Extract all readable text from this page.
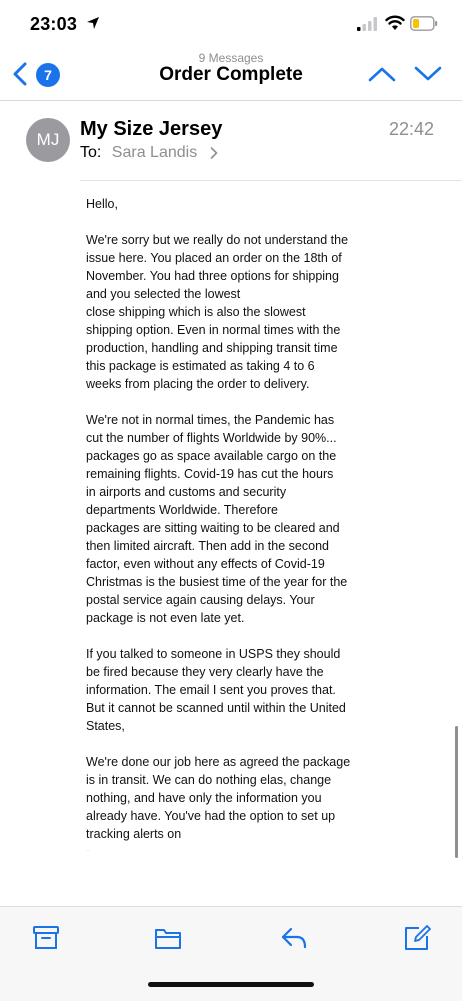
23:03
7
9 Messages
Order Complete
MJ	My Size Jersey
To: Sara Landis
22:42

Hello,

We're sorry but we really do not understand the
issue here. You placed an order on the 18th of
November. You had three options for shipping
and you selected the lowest
close shipping which is also the slowest
shipping option. Even in normal times with the
production, handling and shipping transit time
this package is estimated as taking 4 to 6
weeks from placing the order to delivery.

We're not in normal times, the Pandemic has
cut the number of flights Worldwide by 90%...
packages go as space available cargo on the
remaining flights. Covid-19 has cut the hours
in airports and customs and security
departments Worldwide. Therefore
packages are sitting waiting to be cleared and
then limited aircraft. Then add in the second
factor, even without any effects of Covid-19
Christmas is the busiest time of the year for the
postal service again causing delays. Your
package is not even late yet.

If you talked to someone in USPS they should
be fired because they very clearly have the
information. The email I sent you proves that.
But it cannot be scanned until within the United
States,

We're done our job here as agreed the package
is in transit. We can do nothing elas, change
nothing, and have only the information you
already have. You've had the option to set up
tracking alerts on

…
